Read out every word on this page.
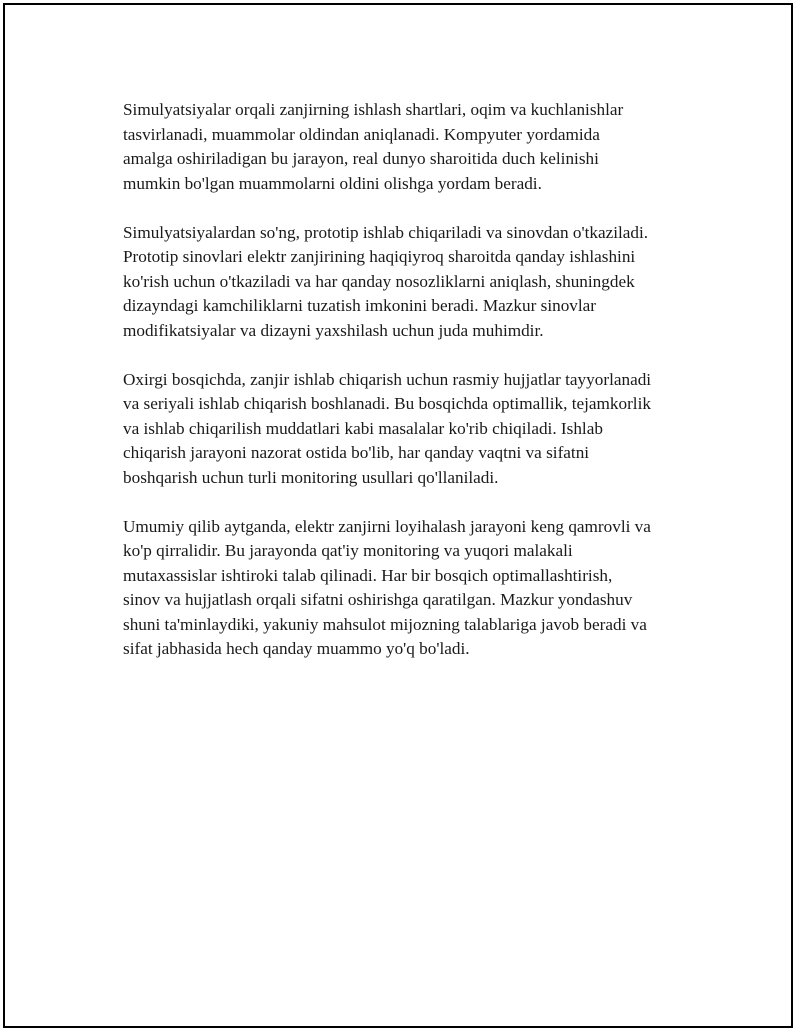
Simulyatsiyalar orqali zanjirning ishlash shartlari, oqim va kuchlanishlar
tasvirlanadi, muammolar oldindan aniqlanadi. Kompyuter yordamida
amalga oshiriladigan bu jarayon, real dunyo sharoitida duch kelinishi
mumkin bo'lgan muammolarni oldini olishga yordam beradi.

Simulyatsiyalardan so'ng, prototip ishlab chiqariladi va sinovdan o'tkaziladi.
Prototip sinovlari elektr zanjirining haqiqiyroq sharoitda qanday ishlashini
ko'rish uchun o'tkaziladi va har qanday nosozliklarni aniqlash, shuningdek
dizayndagi kamchiliklarni tuzatish imkonini beradi. Mazkur sinovlar
modifikatsiyalar va dizayni yaxshilash uchun juda muhimdir.

Oxirgi bosqichda, zanjir ishlab chiqarish uchun rasmiy hujjatlar tayyorlanadi
va seriyali ishlab chiqarish boshlanadi. Bu bosqichda optimallik, tejamkorlik
va ishlab chiqarilish muddatlari kabi masalalar ko'rib chiqiladi. Ishlab
chiqarish jarayoni nazorat ostida bo'lib, har qanday vaqtni va sifatni
boshqarish uchun turli monitoring usullari qo'llaniladi.

Umumiy qilib aytganda, elektr zanjirni loyihalash jarayoni keng qamrovli va
ko'p qirralidir. Bu jarayonda qat'iy monitoring va yuqori malakali
mutaxassislar ishtiroki talab qilinadi. Har bir bosqich optimallashtirish,
sinov va hujjatlash orqali sifatni oshirishga qaratilgan. Mazkur yondashuv
shuni ta'minlaydiki, yakuniy mahsulot mijozning talablariga javob beradi va
sifat jabhasida hech qanday muammo yo'q bo'ladi.
